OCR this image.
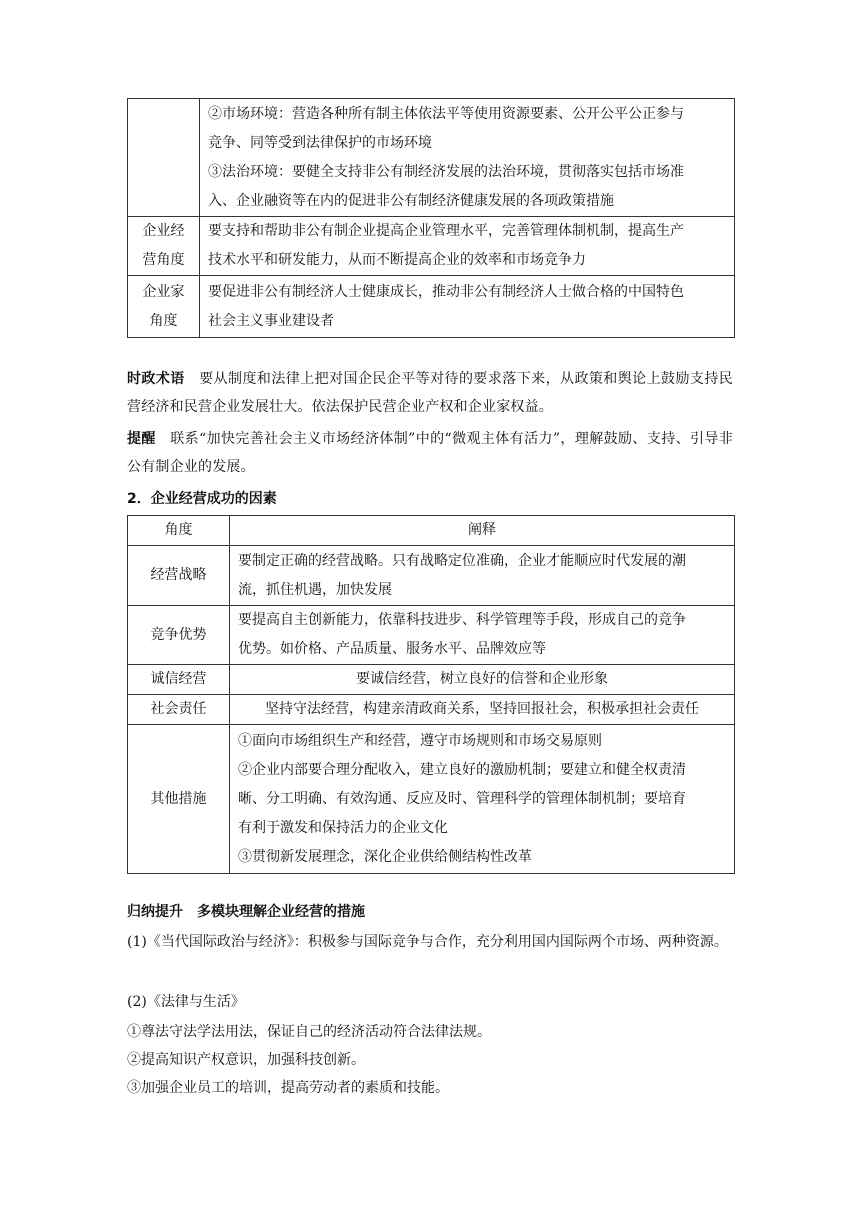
	②市场环境：营造各种所有制主体依法平等使用资源要素、公开公平公正参与
竞争、同等受到法律保护的市场环境
③法治环境：要健全支持非公有制经济发展的法治环境，贯彻落实包括市场准
入、企业融资等在内的促进非公有制经济健康发展的各项政策措施

企业经
营角度	要支持和帮助非公有制企业提高企业管理水平，完善管理体制机制，提高生产
技术水平和研发能力，从而不断提高企业的效率和市场竞争力

企业家
角度	要促进非公有制经济人士健康成长，推动非公有制经济人士做合格的中国特色
社会主义事业建设者
时政术语　 要从制度和法律上把对国企民企平等对待的要求落下来，从政策和舆论上鼓励支持民营经济和民营企业发展壮大。依法保护民营企业产权和企业家权益。
提醒　 联系“加快完善社会主义市场经济体制”中的“微观主体有活力”，理解鼓励、支持、引导非公有制企业的发展。
2．企业经营成功的因素
角度	阐释
经营战略	要制定正确的经营战略。只有战略定位准确，企业才能顺应时代发展的潮
流，抓住机遇，加快发展

竞争优势	要提高自主创新能力，依靠科技进步、科学管理等手段，形成自己的竞争
优势。如价格、产品质量、服务水平、品牌效应等

诚信经营	要诚信经营，树立良好的信誉和企业形象
社会责任	坚持守法经营，构建亲清政商关系，坚持回报社会，积极承担社会责任
其他措施	①面向市场组织生产和经营，遵守市场规则和市场交易原则
②企业内部要合理分配收入，建立良好的激励机制；要建立和健全权责清
晰、分工明确、有效沟通、反应及时、管理科学的管理体制机制；要培育
有利于激发和保持活力的企业文化
③贯彻新发展理念，深化企业供给侧结构性改革
归纳提升　多模块理解企业经营的措施
(1)《当代国际政治与经济》：积极参与国际竞争与合作，充分利用国内国际两个市场、两种资源。
(2)《法律与生活》
①尊法守法学法用法，保证自己的经济活动符合法律法规。
②提高知识产权意识，加强科技创新。
③加强企业员工的培训，提高劳动者的素质和技能。
